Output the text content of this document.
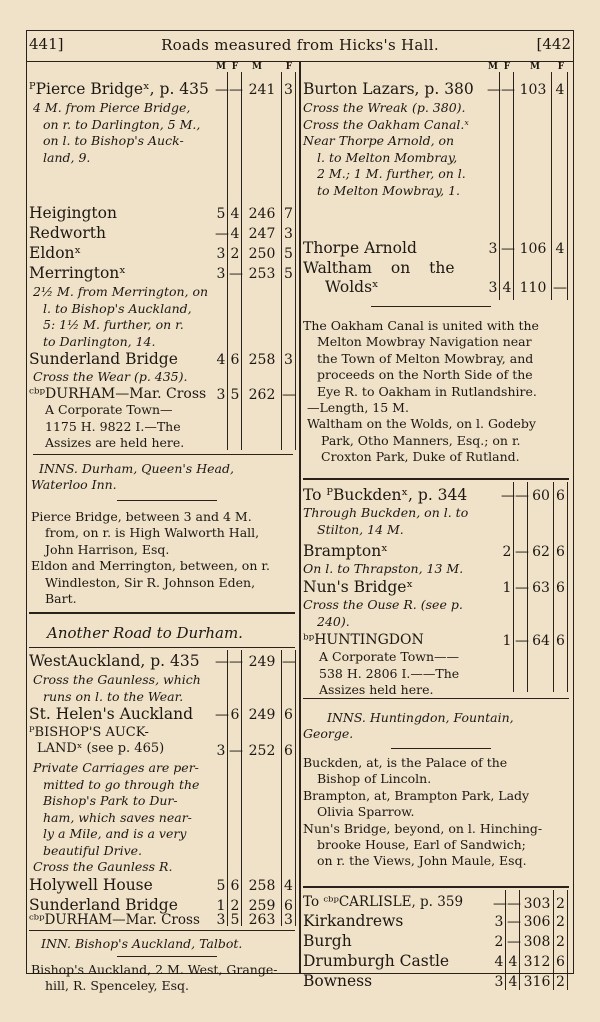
441]	Roads measured from Hicks's Hall.	[442
M F	M	F
ᴾPierce Bridgeˣ, p. 435 — — 241 3
4 M. from Pierce Bridge,
on r. to Darlington, 5 M.,
on l. to Bishop's Auck-
land, 9.
Heigington	5 4 246 7
Redworth	— 4 247 3
Eldonˣ	3 2 250 5
Merringtonˣ	3 — 253 5
2½ M. from Merrington, on
l. to Bishop's Auckland,
5: 1½ M. further, on r.
to Darlington, 14.
Sunderland Bridge	4 6 258 3
Cross the Wear (p. 435).
ᶜᵇᵖDURHAM—Mar. Cross 3 5 262 —
A Corporate Town—
1175 H. 9822 I.—The
Assizes are held here.
INNS. Durham, Queen's Head,
Waterloo Inn.
Pierce Bridge, between 3 and 4 M.
from, on r. is High Walworth Hall,
John Harrison, Esq.
Eldon and Merrington, between, on r.
Windleston, Sir R. Johnson Eden,
Bart.
Another Road to Durham.
WestAuckland, p. 435 — — 249 —
Cross the Gaunless, which
runs on l. to the Wear.
St. Helen's Auckland — 6 249 6
ᴾBISHOP'S AUCK-
LANDˣ (see p. 465)	3 — 252 6
Private Carriages are per-
mitted to go through the
Bishop's Park to Dur-
ham, which saves near-
ly a Mile, and is a very
beautiful Drive.
Cross the Gaunless R.
Holywell House	5 6 258 4
Sunderland Bridge	1 2 259 6
ᶜᵇᵖDURHAM—Mar. Cross 3 5 263 3
INN. Bishop's Auckland, Talbot.
Bishop's Auckland, 2 M. West, Grange-
hill, R. Spenceley, Esq.
M F	M	F
Burton Lazars, p. 380 — — 103 4
Cross the Wreak (p. 380).
Cross the Oakham Canal.ˣ
Near Thorpe Arnold, on
l. to Melton Mombray,
2 M.; 1 M. further, on l.
to Melton Mowbray, 1.
Thorpe Arnold	3 — 106 4
Waltham on the
Woldsˣ	3 4 110 —
The Oakham Canal is united with the
Melton Mowbray Navigation near
the Town of Melton Mowbray, and
proceeds on the North Side of the
Eye R. to Oakham in Rutlandshire.
—Length, 15 M.
Waltham on the Wolds, on l. Godeby
Park, Otho Manners, Esq.; on r.
Croxton Park, Duke of Rutland.
To ᴾBuckdenˣ, p. 344 — — 60 6
Through Buckden, on l. to
Stilton, 14 M.
Bramptonˣ	2 — 62 6
On l. to Thrapston, 13 M.
Nun's Bridgeˣ	1 — 63 6
Cross the Ouse R. (see p.
240).
ᵇᵖHUNTINGDON	1 — 64 6
A Corporate Town——
538 H. 2806 I.——The
Assizes held here.
INNS. Huntingdon, Fountain,
George.
Buckden, at, is the Palace of the
Bishop of Lincoln.
Brampton, at, Brampton Park, Lady
Olivia Sparrow.
Nun's Bridge, beyond, on l. Hinching-
brooke House, Earl of Sandwich;
on r. the Views, John Maule, Esq.
To ᶜᵇᵖCARLISLE, p. 359 — — 303 2
Kirkandrews	3 — 306 2
Burgh	2 — 308 2
Drumburgh Castle	4 4 312 6
Bowness	3 4 316 2
